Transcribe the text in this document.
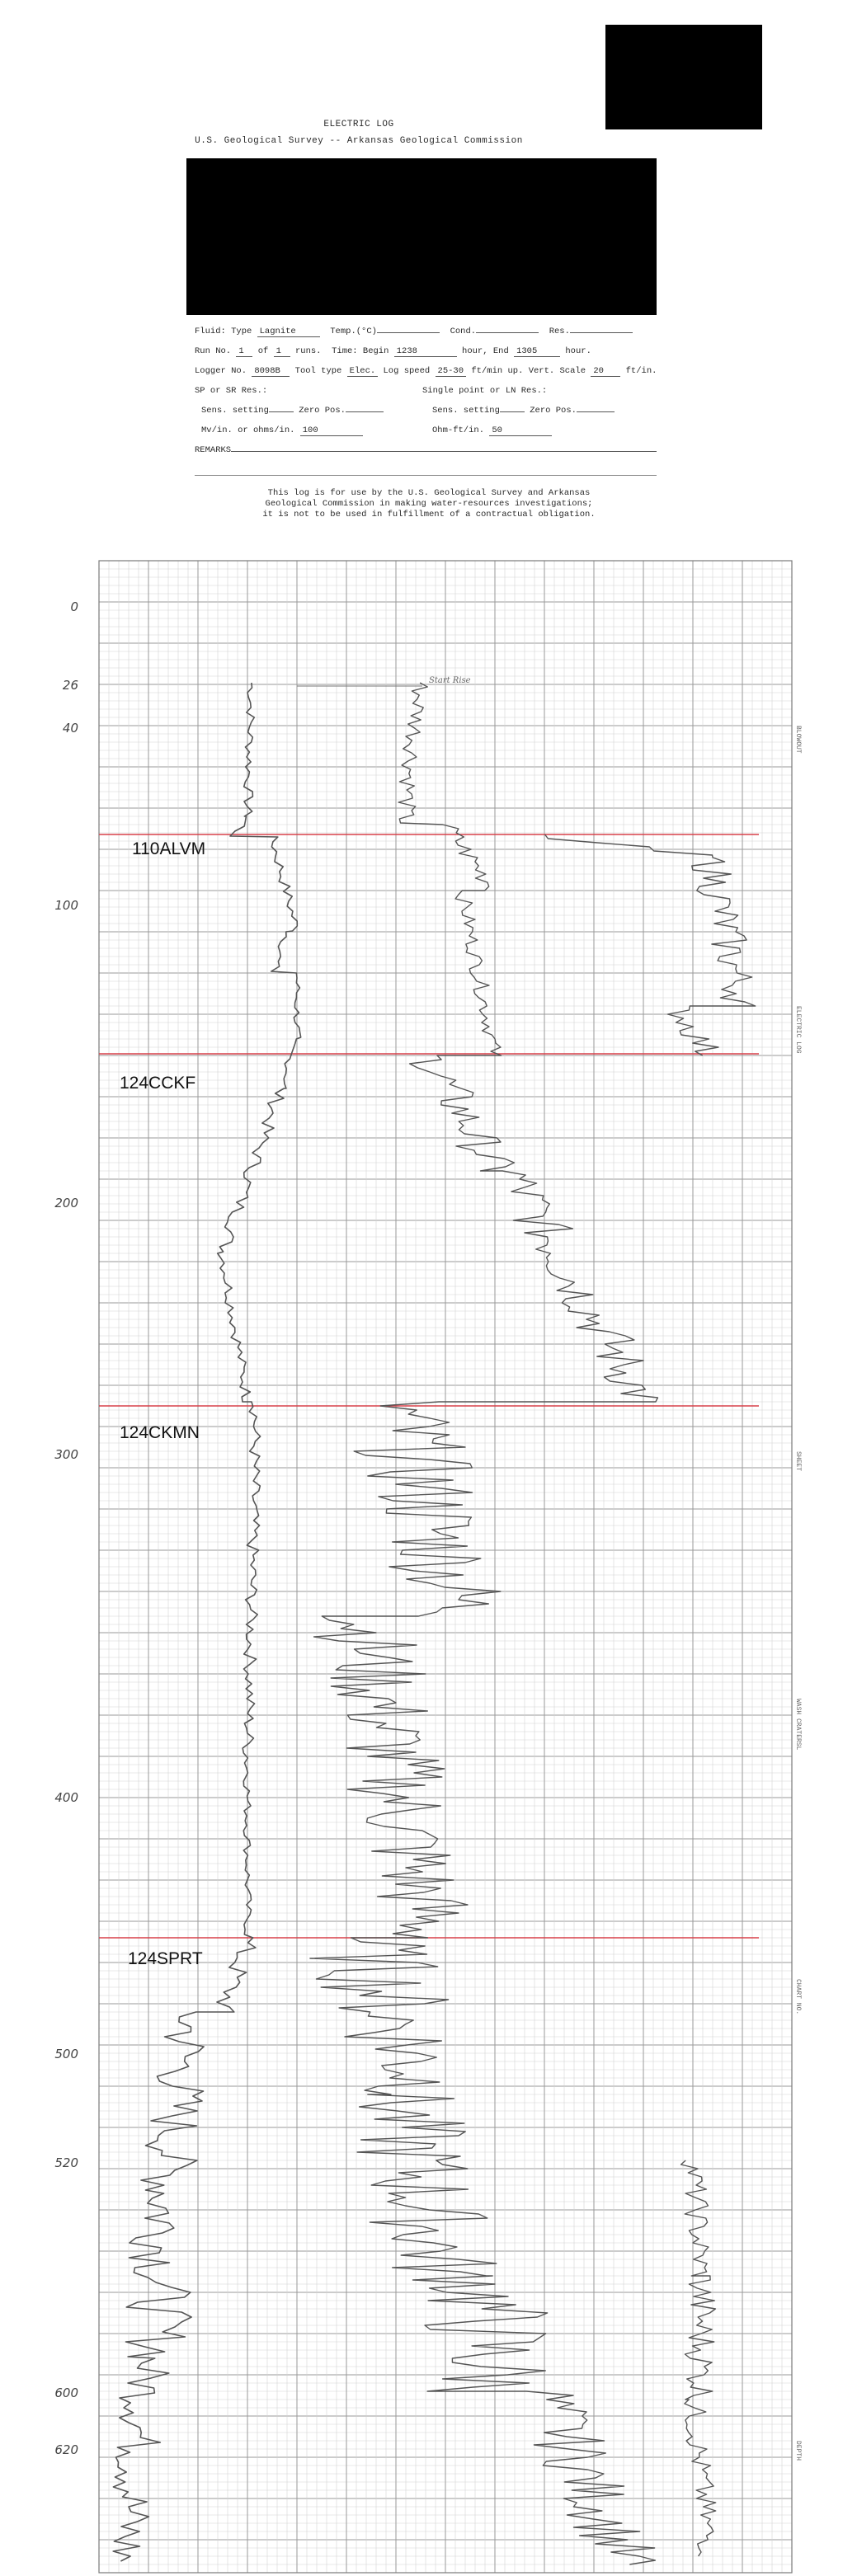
ELECTRIC LOG
U.S. Geological Survey -- Arkansas Geological Commission
Fluid: Type Lagnite	Temp.(°C)	Cond.	Res.
Run No. 1 of 1 runs. Time: Begin 1238	hour, End 1305	hour.
Logger No. 8098B Tool type Elec. Log speed 25-30 ft/min up. Vert. Scale 20	ft/in.
SP or SR Res.:	Single point or LN Res.:
Sens. setting	Zero Pos.	Sens. setting	Zero Pos.
Mv/in. or ohms/in. 100	Ohm-ft/in. 50
REMARKS
This log is for use by the U.S. Geological Survey and Arkansas
Geological Commission in making water-resources investigations;
it is not to be used in fulfillment of a contractual obligation.
0
26
40
100
200
300
400
500
520
600
620
Start Rise
110ALVM
124CCKF
124CKMN
124SPRT
BLOWOUT
ELECTRIC LOG
SHEET
WASH CRATERSL
CHART NO.
DEPTH
